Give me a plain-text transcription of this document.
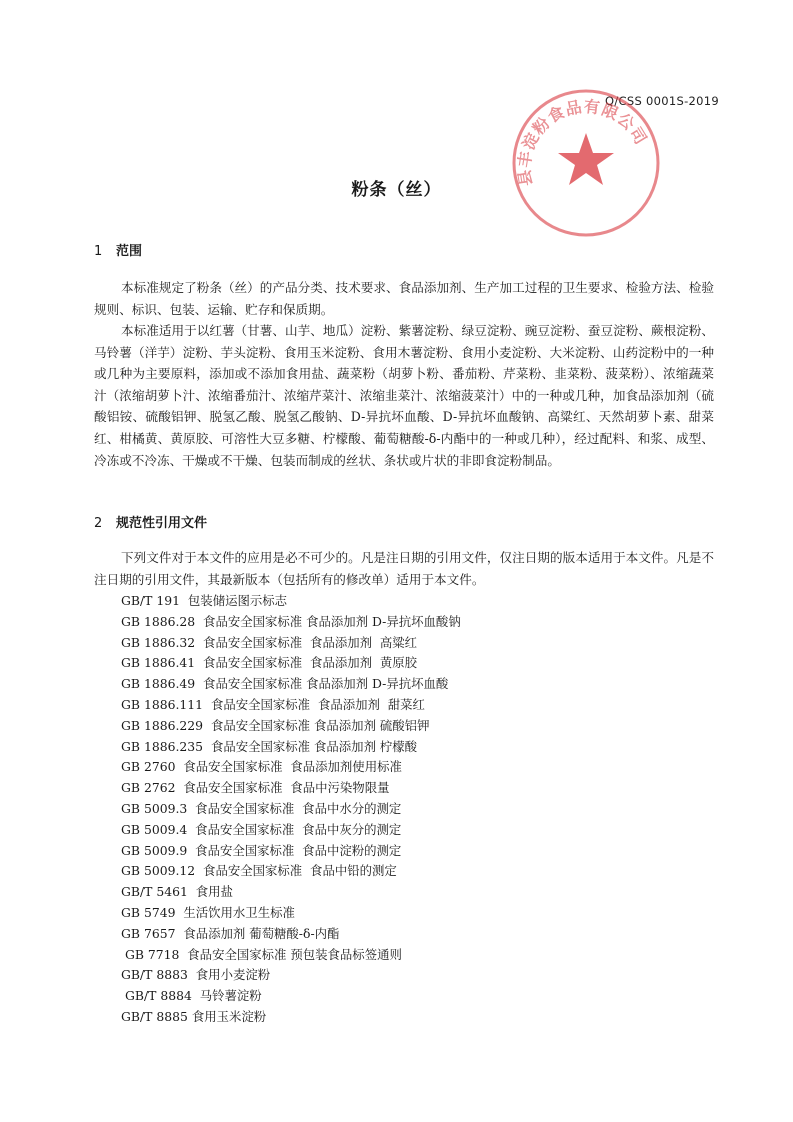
Q/CSS 0001S-2019
县丰淀粉食品有限公司
粉条（丝）
1 范围

本标准规定了粉条（丝）的产品分类、技术要求、食品添加剂、生产加工过程的卫生要求、检验方法、检验规则、标识、包装、运输、贮存和保质期。

本标准适用于以红薯（甘薯、山芋、地瓜）淀粉、紫薯淀粉、绿豆淀粉、豌豆淀粉、蚕豆淀粉、蕨根淀粉、马铃薯（洋芋）淀粉、芋头淀粉、食用玉米淀粉、食用木薯淀粉、食用小麦淀粉、大米淀粉、山药淀粉中的一种或几种为主要原料，添加或不添加食用盐、蔬菜粉（胡萝卜粉、番茄粉、芹菜粉、韭菜粉、菠菜粉）、浓缩蔬菜汁（浓缩胡萝卜汁、浓缩番茄汁、浓缩芹菜汁、浓缩韭菜汁、浓缩菠菜汁）中的一种或几种，加食品添加剂（硫酸铝铵、硫酸铝钾、脱氢乙酸、脱氢乙酸钠、D-异抗坏血酸、D-异抗坏血酸钠、高粱红、天然胡萝卜素、甜菜红、柑橘黄、黄原胶、可溶性大豆多糖、柠檬酸、葡萄糖酸-δ-内酯中的一种或几种），经过配料、和浆、成型、冷冻或不冷冻、干燥或不干燥、包装而制成的丝状、条状或片状的非即食淀粉制品。

2 规范性引用文件

下列文件对于本文件的应用是必不可少的。凡是注日期的引用文件，仅注日期的版本适用于本文件。凡是不注日期的引用文件，其最新版本（包括所有的修改单）适用于本文件。

GB/T 191  包装储运图示标志
GB 1886.28  食品安全国家标准 食品添加剂 D-异抗坏血酸钠
GB 1886.32  食品安全国家标准  食品添加剂  高粱红
GB 1886.41  食品安全国家标准  食品添加剂  黄原胶
GB 1886.49  食品安全国家标准 食品添加剂 D-异抗坏血酸
GB 1886.111  食品安全国家标准  食品添加剂  甜菜红
GB 1886.229  食品安全国家标准 食品添加剂 硫酸铝钾
GB 1886.235  食品安全国家标准 食品添加剂 柠檬酸
GB 2760  食品安全国家标准  食品添加剂使用标准
GB 2762  食品安全国家标准  食品中污染物限量
GB 5009.3  食品安全国家标准  食品中水分的测定
GB 5009.4  食品安全国家标准  食品中灰分的测定
GB 5009.9  食品安全国家标准  食品中淀粉的测定
GB 5009.12  食品安全国家标准  食品中铅的测定
GB/T 5461  食用盐
GB 5749  生活饮用水卫生标准
GB 7657  食品添加剂 葡萄糖酸-δ-内酯
GB 7718  食品安全国家标准 预包装食品标签通则
GB/T 8883  食用小麦淀粉
GB/T 8884  马铃薯淀粉
GB/T 8885 食用玉米淀粉
